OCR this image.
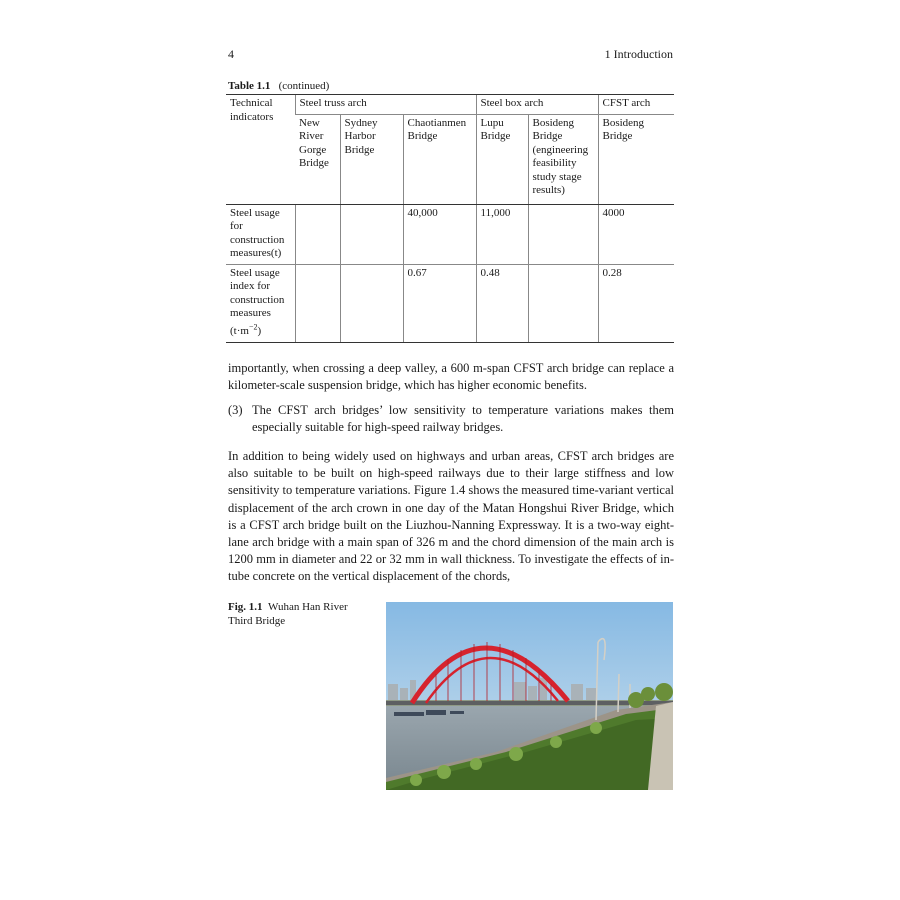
4	1 Introduction
Table 1.1 (continued)
Technical indicators	Steel truss arch			Steel box arch		CFST arch
	New River Gorge Bridge	Sydney Harbor Bridge	Chaotianmen Bridge	Lupu Bridge	Bosideng Bridge (engineering feasibility study stage results)	Bosideng Bridge
Steel usage for construction measures(t)			40,000	11,000		4000
Steel usage index for construction measures $(t\cdot m^{-2})$			0.67	0.48		0.28

importantly, when crossing a deep valley, a 600 m-span CFST arch bridge can replace a kilometer-scale suspension bridge, which has higher economic benefits.

(3) The CFST arch bridges’ low sensitivity to temperature variations makes them especially suitable for high-speed railway bridges.

In addition to being widely used on highways and urban areas, CFST arch bridges are also suitable to be built on high-speed railways due to their large stiffness and low sensitivity to temperature variations. Figure 1.4 shows the measured time-variant vertical displacement of the arch crown in one day of the Matan Hongshui River Bridge, which is a CFST arch bridge built on the Liuzhou-Nanning Expressway. It is a two-way eight-lane arch bridge with a main span of 326 m and the chord dimension of the main arch is 1200 mm in diameter and 22 or 32 mm in wall thickness. To investigate the effects of in-tube concrete on the vertical displacement of the chords,

Fig. 1.1 Wuhan Han River Third Bridge
